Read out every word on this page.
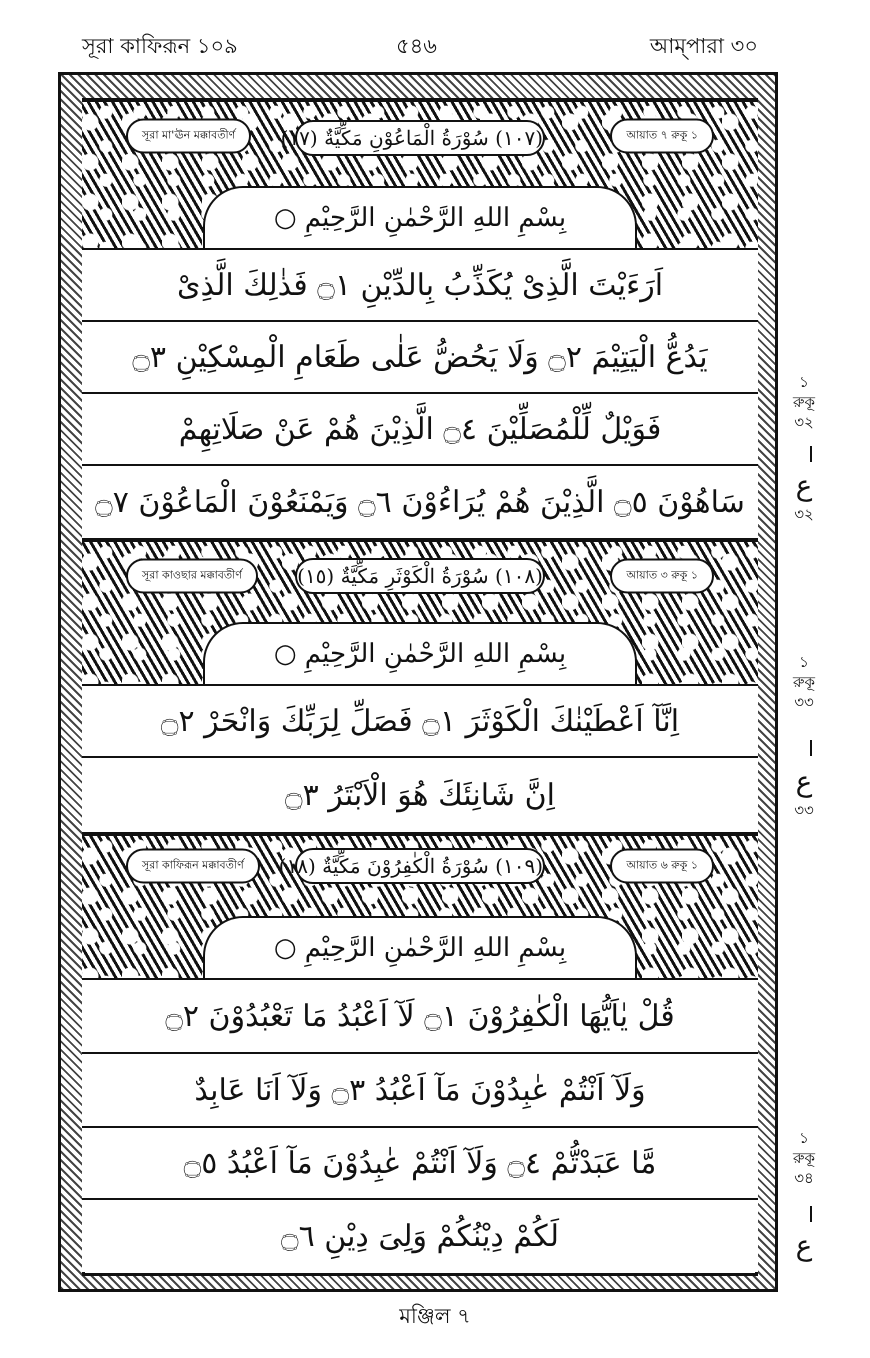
সূরা কাফিরূন ১০৯	৫৪৬	আম্‌পারা ৩০
সূরা মা'ঊন মক্কাবতীর্ণ	(١٠٧) سُوْرَةُ الْمَاعُوْنِ مَكِّيَّةٌ (١٧)	আয়াত ৭ রুকূ ১
بِسْمِ اللهِ الرَّحْمٰنِ الرَّحِيْمِ ○
اَرَءَيْتَ الَّذِىْ يُكَذِّبُ بِالدِّيْنِ ۝١ فَذٰلِكَ الَّذِىْ
يَدُعُّ الْيَتِيْمَ ۝٢ وَلَا يَحُضُّ عَلٰى طَعَامِ الْمِسْكِيْنِ ۝٣
فَوَيْلٌ لِّلْمُصَلِّيْنَ ۝٤ الَّذِيْنَ هُمْ عَنْ صَلَاتِهِمْ
سَاهُوْنَ ۝٥ الَّذِيْنَ هُمْ يُرَاءُوْنَ ۝٦ وَيَمْنَعُوْنَ الْمَاعُوْنَ ۝٧
সূরা কাওছার মক্কাবতীর্ণ	(١٠٨) سُوْرَةُ الْكَوْثَرِ مَكِّيَّةٌ (١٥)	আয়াত ৩ রুকূ ১
بِسْمِ اللهِ الرَّحْمٰنِ الرَّحِيْمِ ○
اِنَّآ اَعْطَيْنٰكَ الْكَوْثَرَ ۝١ فَصَلِّ لِرَبِّكَ وَانْحَرْ ۝٢
اِنَّ شَانِئَكَ هُوَ الْاَبْتَرُ ۝٣
সূরা কাফিরূন মক্কাবতীর্ণ	(١٠٩) سُوْرَةُ الْكٰفِرُوْنَ مَكِّيَّةٌ (١٨)	আয়াত ৬ রুকূ ১
بِسْمِ اللهِ الرَّحْمٰنِ الرَّحِيْمِ ○
قُلْ يٰاَيُّهَا الْكٰفِرُوْنَ ۝١ لَآ اَعْبُدُ مَا تَعْبُدُوْنَ ۝٢
وَلَآ اَنْتُمْ عٰبِدُوْنَ مَآ اَعْبُدُ ۝٣ وَلَآ اَنَا عَابِدٌ
مَّا عَبَدْتُّمْ ۝٤ وَلَآ اَنْتُمْ عٰبِدُوْنَ مَآ اَعْبُدُ ۝٥
لَكُمْ دِيْنُكُمْ وَلِىَ دِيْنِ ۝٦
১
রুকূ
৩২
ع
৩২
১
রুকূ
৩৩
ع
৩৩
১
রুকূ
৩৪
ع
মঞ্জিল ৭
